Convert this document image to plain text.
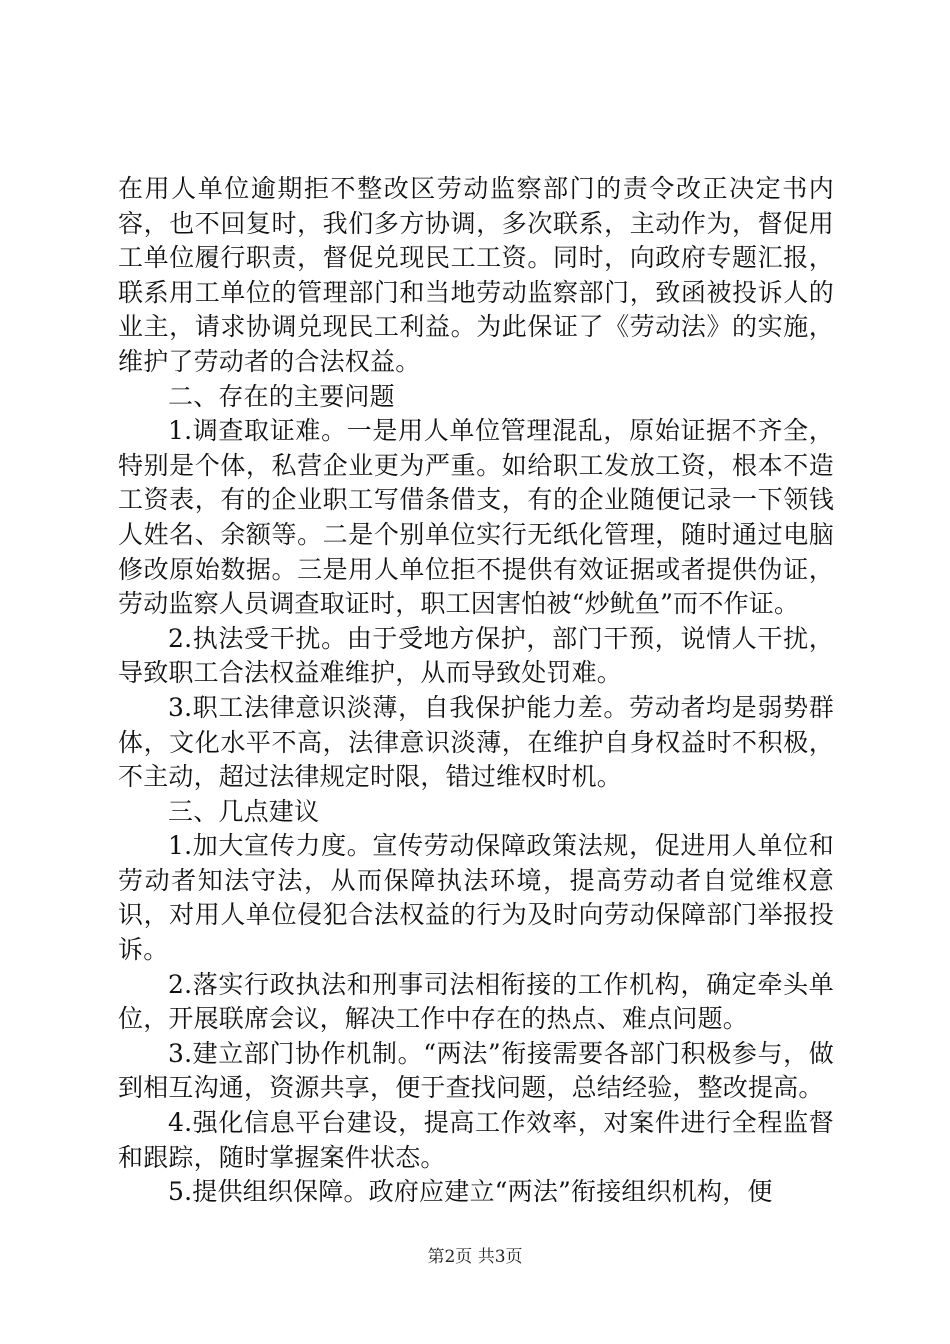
在用人单位逾期拒不整改区劳动监察部门的责令改正决定书内容，也不回复时，我们多方协调，多次联系，主动作为，督促用工单位履行职责，督促兑现民工工资。同时，向政府专题汇报，联系用工单位的管理部门和当地劳动监察部门，致函被投诉人的业主，请求协调兑现民工利益。为此保证了《劳动法》的实施，维护了劳动者的合法权益。

二、存在的主要问题

1.调查取证难。一是用人单位管理混乱，原始证据不齐全，特别是个体，私营企业更为严重。如给职工发放工资，根本不造工资表，有的企业职工写借条借支，有的企业随便记录一下领钱人姓名、余额等。二是个别单位实行无纸化管理，随时通过电脑修改原始数据。三是用人单位拒不提供有效证据或者提供伪证，劳动监察人员调查取证时，职工因害怕被“炒鱿鱼”而不作证。

2.执法受干扰。由于受地方保护，部门干预，说情人干扰，导致职工合法权益难维护，从而导致处罚难。

3.职工法律意识淡薄，自我保护能力差。劳动者均是弱势群体，文化水平不高，法律意识淡薄，在维护自身权益时不积极，不主动，超过法律规定时限，错过维权时机。

三、几点建议

1.加大宣传力度。宣传劳动保障政策法规，促进用人单位和劳动者知法守法，从而保障执法环境，提高劳动者自觉维权意识，对用人单位侵犯合法权益的行为及时向劳动保障部门举报投诉。

2.落实行政执法和刑事司法相衔接的工作机构，确定牵头单位，开展联席会议，解决工作中存在的热点、难点问题。

3.建立部门协作机制。“两法”衔接需要各部门积极参与，做到相互沟通，资源共享，便于查找问题，总结经验，整改提高。

4.强化信息平台建设，提高工作效率，对案件进行全程监督和跟踪，随时掌握案件状态。

5.提供组织保障。政府应建立“两法”衔接组织机构，便

第2页 共3页
